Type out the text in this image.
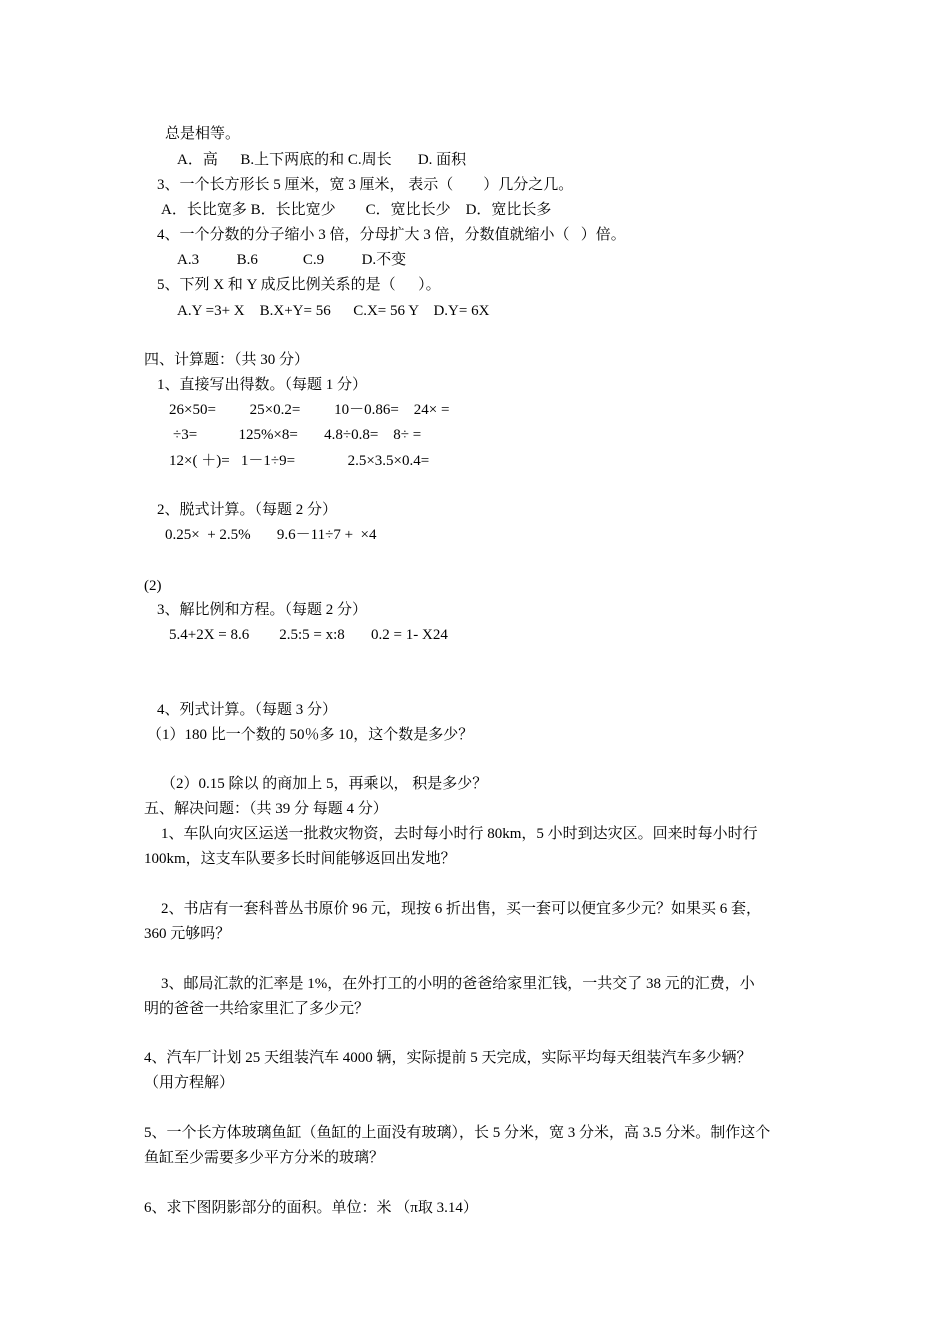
总是相等。
A．高      B.上下两底的和 C.周长       D. 面积
3、一个长方形长 5 厘米，宽 3 厘米， 表示（        ）几分之几。
A．长比宽多 B．长比宽少        C．宽比长少    D．宽比长多
4、一个分数的分子缩小 3 倍，分母扩大 3 倍，分数值就缩小（   ）倍。
A.3          B.6            C.9          D.不变
5、下列 X 和 Y 成反比例关系的是（      ）。
A.Y =3+ X    B.X+Y= 56      C.X= 56 Y    D.Y= 6X
四、计算题：（共 30 分）
1、直接写出得数。（每题 1 分）
26×50=         25×0.2=         10－0.86=    24× =
÷3=           125%×8=       4.8÷0.8=    8÷ =
12×( ＋)=   1－1÷9=              2.5×3.5×0.4=
2、脱式计算。（每题 2 分）
0.25×  + 2.5%       9.6－11÷7 +  ×4
(2)
3、解比例和方程。（每题 2 分）
5.4+2X = 8.6        2.5:5 = x:8       0.2 = 1- X24
4、列式计算。（每题 3 分）
（1）180 比一个数的 50％多 10，这个数是多少？
（2）0.15 除以 的商加上 5，再乘以， 积是多少？
五、解决问题：（共 39 分 每题 4 分）
1、车队向灾区运送一批救灾物资，去时每小时行 80km，5 小时到达灾区。回来时每小时行
100km，这支车队要多长时间能够返回出发地？
2、书店有一套科普丛书原价 96 元，现按 6 折出售，买一套可以便宜多少元？如果买 6 套，
360 元够吗？
3、邮局汇款的汇率是 1%，在外打工的小明的爸爸给家里汇钱，一共交了 38 元的汇费，小
明的爸爸一共给家里汇了多少元？
4、汽车厂计划 25 天组装汽车 4000 辆，实际提前 5 天完成，实际平均每天组装汽车多少辆？
（用方程解）
5、一个长方体玻璃鱼缸（鱼缸的上面没有玻璃），长 5 分米，宽 3 分米，高 3.5 分米。制作这个
鱼缸至少需要多少平方分米的玻璃？
6、求下图阴影部分的面积。单位：米 （π取 3.14）
